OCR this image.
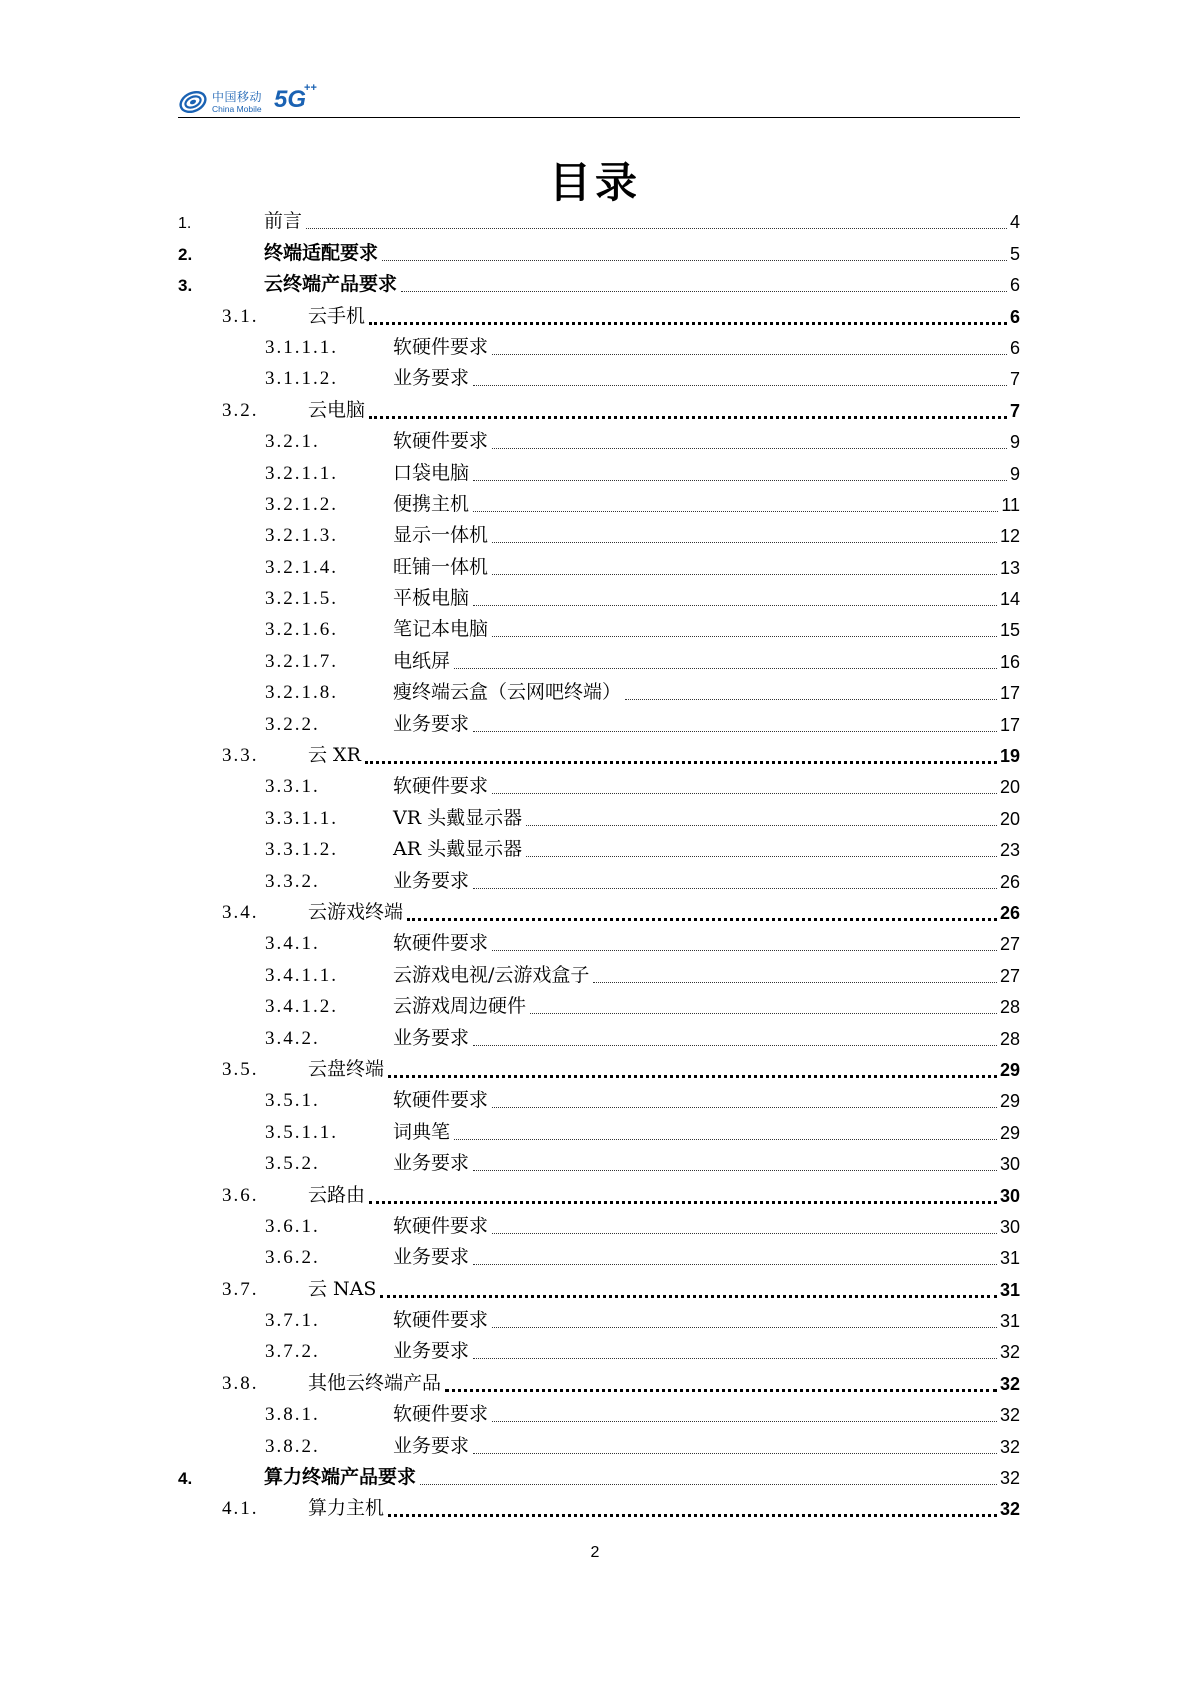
中国移动
China Mobile 5G
++
目录
1.	前言	4
2.	终端适配要求	5
3.	云终端产品要求	6
3.1.	云手机	6
3.1.1.1.	软硬件要求	6
3.1.1.2.	业务要求	7
3.2.	云电脑	7
3.2.1.	软硬件要求	9
3.2.1.1.	口袋电脑	9
3.2.1.2.	便携主机	11
3.2.1.3.	显示一体机	12
3.2.1.4.	旺铺一体机	13
3.2.1.5.	平板电脑	14
3.2.1.6.	笔记本电脑	15
3.2.1.7.	电纸屏	16
3.2.1.8.	瘦终端云盒（云网吧终端）	17
3.2.2.	业务要求	17
3.3.	云 XR	19
3.3.1.	软硬件要求	20
3.3.1.1.	VR 头戴显示器	20
3.3.1.2.	AR 头戴显示器	23
3.3.2.	业务要求	26
3.4.	云游戏终端	26
3.4.1.	软硬件要求	27
3.4.1.1.	云游戏电视/云游戏盒子	27
3.4.1.2.	云游戏周边硬件	28
3.4.2.	业务要求	28
3.5.	云盘终端	29
3.5.1.	软硬件要求	29
3.5.1.1.	词典笔	29
3.5.2.	业务要求	30
3.6.	云路由	30
3.6.1.	软硬件要求	30
3.6.2.	业务要求	31
3.7.	云 NAS	31
3.7.1.	软硬件要求	31
3.7.2.	业务要求	32
3.8.	其他云终端产品	32
3.8.1.	软硬件要求	32
3.8.2.	业务要求	32
4.	算力终端产品要求	32
4.1.	算力主机	32
2
